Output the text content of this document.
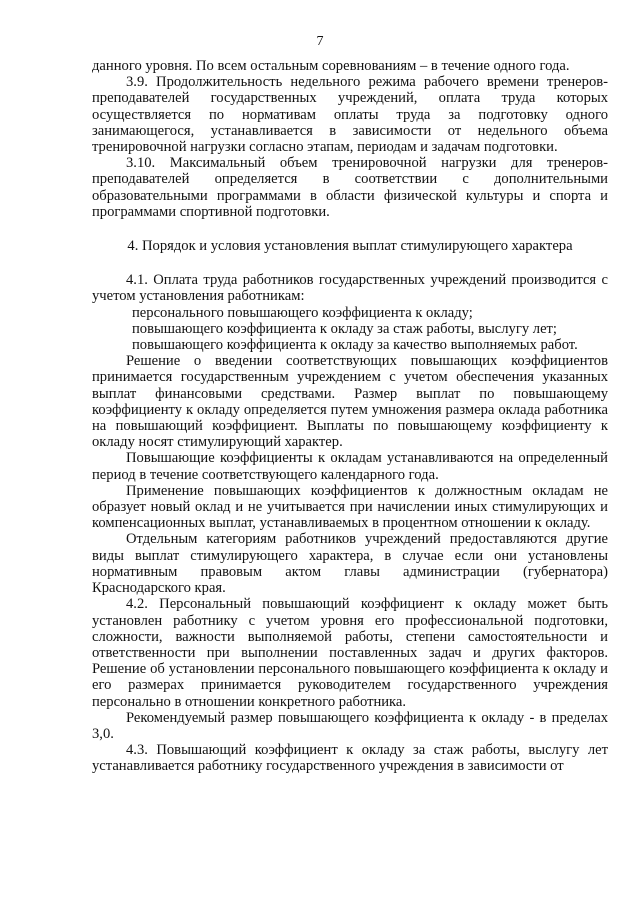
7

данного уровня. По всем остальным соревнованиям – в течение одного года.

3.9. Продолжительность недельного режима рабочего времени тренеров-преподавателей государственных учреждений, оплата труда которых осуществляется по нормативам оплаты труда за подготовку одного занимающегося, устанавливается в зависимости от недельного объема тренировочной нагрузки согласно этапам, периодам и задачам подготовки.

3.10. Максимальный объем тренировочной нагрузки для тренеров-преподавателей определяется в соответствии с дополнительными образовательными программами в области физической культуры и спорта и программами спортивной подготовки.

4. Порядок и условия установления выплат стимулирующего характера

4.1. Оплата труда работников государственных учреждений производится с учетом установления работникам:

персонального повышающего коэффициента к окладу;

повышающего коэффициента к окладу за стаж работы, выслугу лет;

повышающего коэффициента к окладу за качество выполняемых работ.

Решение о введении соответствующих повышающих коэффициентов принимается государственным учреждением с учетом обеспечения указанных выплат финансовыми средствами. Размер выплат по повышающему коэффициенту к окладу определяется путем умножения размера оклада работника на повышающий коэффициент. Выплаты по повышающему коэффициенту к окладу носят стимулирующий характер.

Повышающие коэффициенты к окладам устанавливаются на определенный период в течение соответствующего календарного года.

Применение повышающих коэффициентов к должностным окладам не образует новый оклад и не учитывается при начислении иных стимулирующих и компенсационных выплат, устанавливаемых в процентном отношении к окладу.

Отдельным категориям работников учреждений предоставляются другие виды выплат стимулирующего характера, в случае если они установлены нормативным правовым актом главы администрации (губернатора) Краснодарского края.

4.2. Персональный повышающий коэффициент к окладу может быть установлен работнику с учетом уровня его профессиональной подготовки, сложности, важности выполняемой работы, степени самостоятельности и ответственности при выполнении поставленных задач и других факторов. Решение об установлении персонального повышающего коэффициента к окладу и его размерах принимается руководителем государственного учреждения персонально в отношении конкретного работника.

Рекомендуемый размер повышающего коэффициента к окладу - в пределах 3,0.

4.3. Повышающий коэффициент к окладу за стаж работы, выслугу лет устанавливается работнику государственного учреждения в зависимости от
